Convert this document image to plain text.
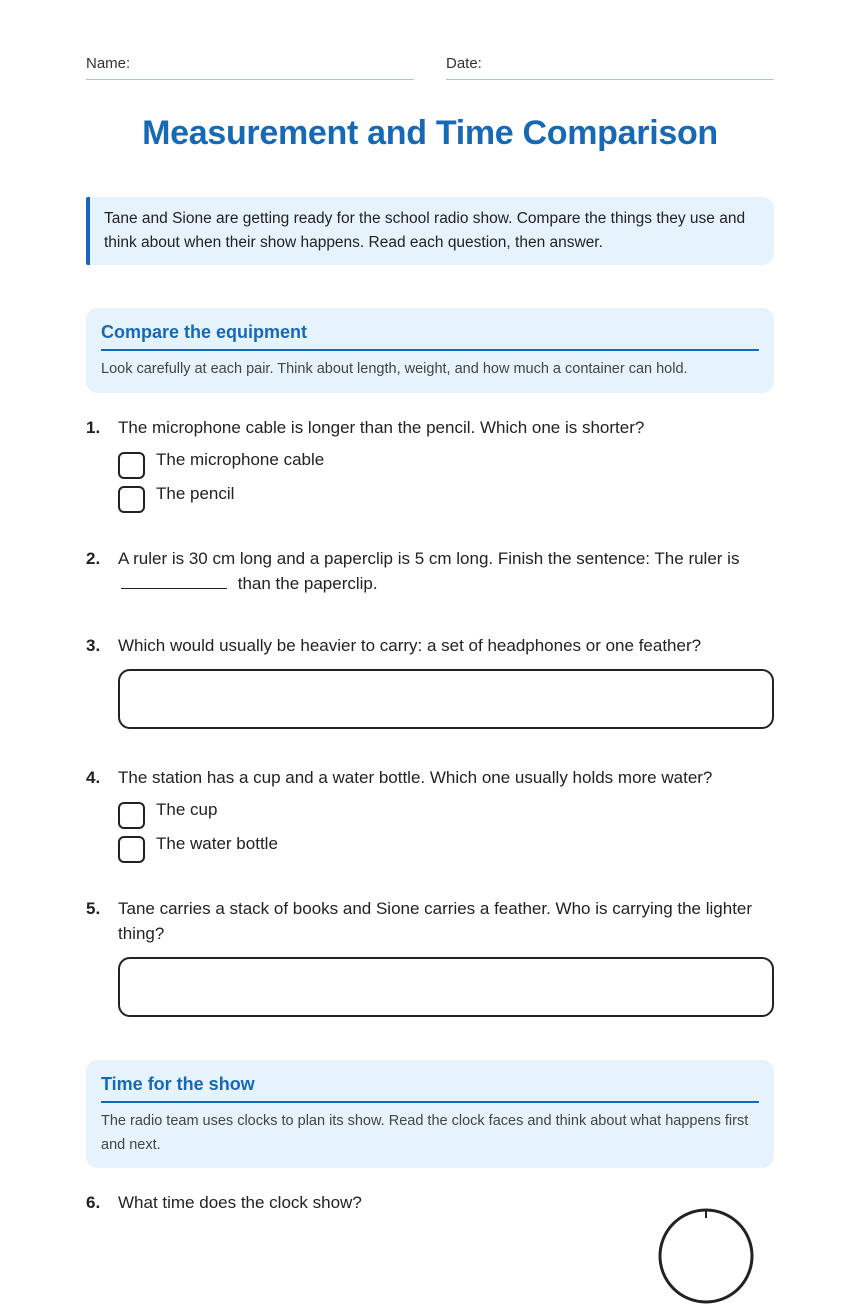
Name:	Date:
Measurement and Time Comparison
Tane and Sione are getting ready for the school radio show. Compare the things they use and think about when their show happens. Read each question, then answer.
Compare the equipment

Look carefully at each pair. Think about length, weight, and how much a container can hold.

1. The microphone cable is longer than the pencil. Which one is shorter?
The microphone cable
The pencil
2. A ruler is 30 cm long and a paperclip is 5 cm long. Finish the sentence: The ruler is
than the paperclip.
3. Which would usually be heavier to carry: a set of headphones or one feather?
4. The station has a cup and a water bottle. Which one usually holds more water?
The cup
The water bottle
5. Tane carries a stack of books and Sione carries a feather. Who is carrying the lighter thing?
Time for the show

The radio team uses clocks to plan its show. Read the clock faces and think about what happens first and next.

6. What time does the clock show?
